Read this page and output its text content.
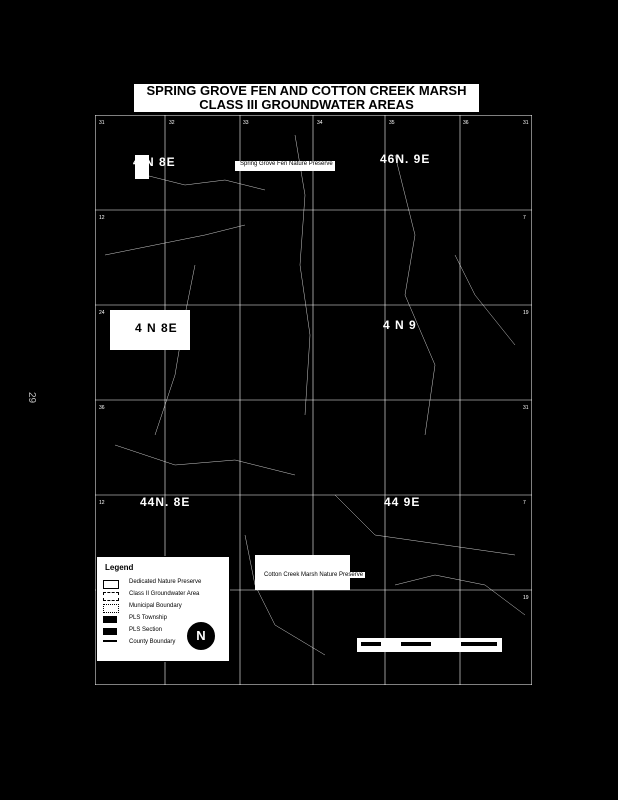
SPRING GROVE FEN AND COTTON CREEK MARSH
CLASS III GROUNDWATER AREAS
29
31	32	33	34	35	36	31
12	7
24	19
36	31
12	7
19
4 N 8E	46N. 9E
4 N 8E	4 N 9
44N. 8E	44 9E
Spring Grove Fen Nature Preserve
Cotton Creek Marsh Nature Preserve
Legend
Dedicated Nature Preserve
Class II Groundwater Area
Municipal Boundary
PLS Township
PLS Section
County Boundary	N
